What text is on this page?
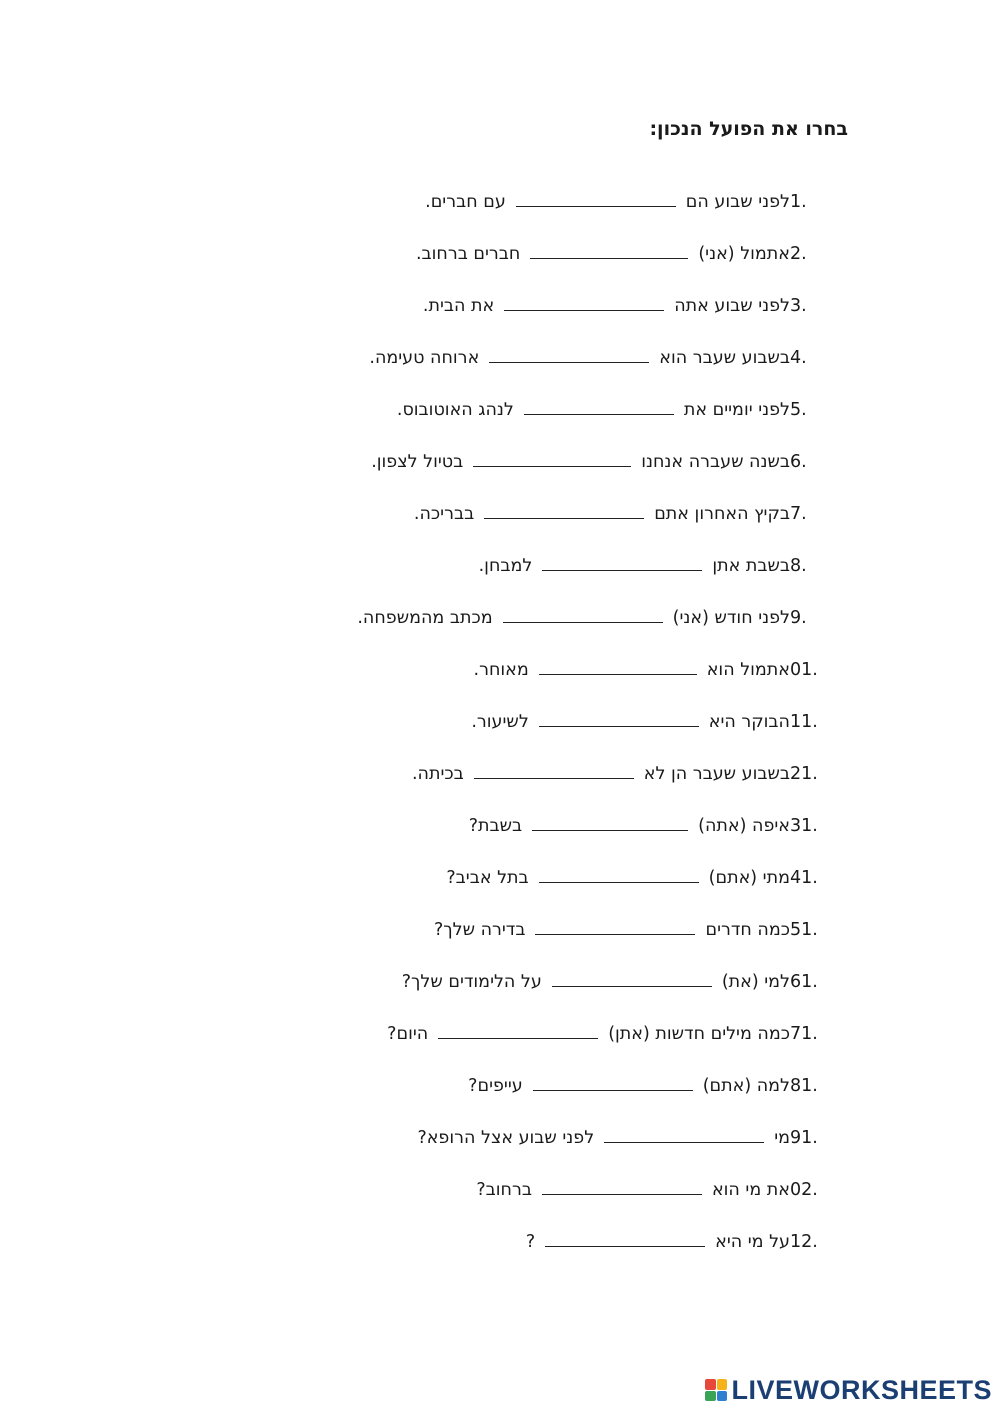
בחרו את הפועל הנכון:
1.לפני שבוע הםעם חברים.
2.אתמול (אני)חברים ברחוב.
3.לפני שבוע אתהאת הבית.
4.בשבוע שעבר הואארוחה טעימה.
5.לפני יומיים אתלנהג האוטובוס.
6.בשנה שעברה אנחנובטיול לצפון.
7.בקיץ האחרון אתםבבריכה.
8.בשבת אתןלמבחן.
9.לפני חודש (אני)מכתב מהמשפחה.
01.אתמול הואמאוחר.
11.הבוקר היאלשיעור.
21.בשבוע שעבר הן לאבכיתה.
31.איפה (אתה)בשבת?
41.מתי (אתם)בתל אביב?
51.כמה חדריםבדירה שלך?
61.למי (את)על הלימודים שלך?
71.כמה מילים חדשות (אתן)היום?
81.למה (אתם)עייפים?
91.מילפני שבוע אצל הרופא?
02.את מי הואברחוב?
12.על מי היא?
LIVEWORKSHEETS
